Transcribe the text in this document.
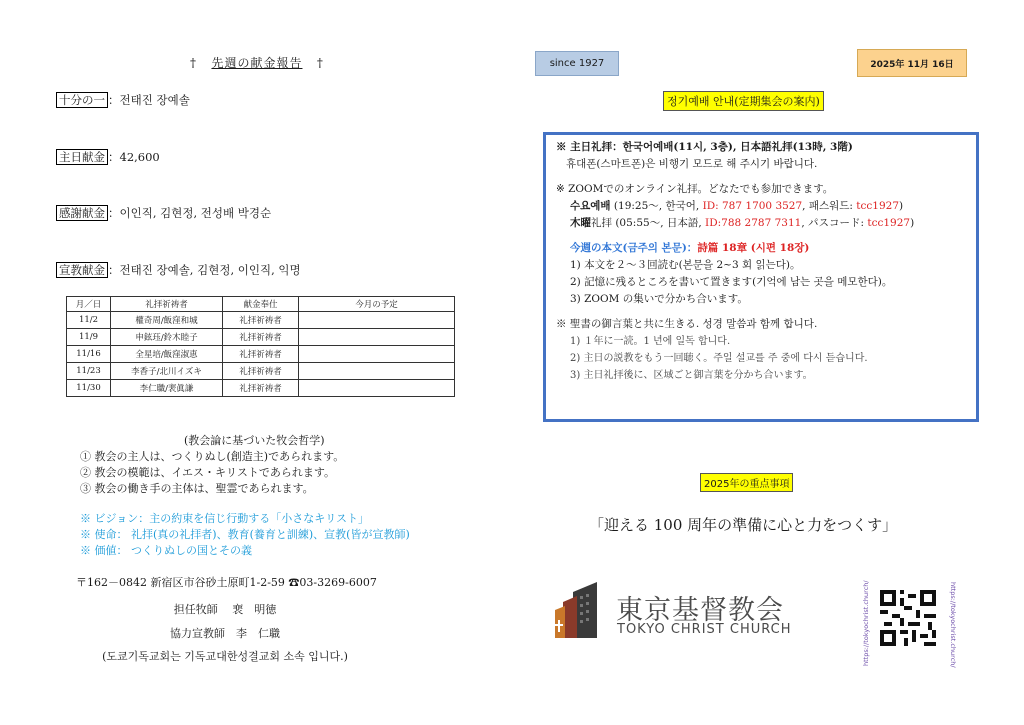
† 先週の献金報告 †
十分の一 ：전태진 장예솔
主日献金 ：42,600
感謝献金 ：이인직, 김현정, 전성배 박경순
宣教献金 ：전태진 장예솔, 김현정, 이인직, 익명
月／日	礼拝祈祷者	献金奉仕	今月の予定
11/2	權奇周/飯窪和城	礼拝祈祷者	
11/9	申鉉珏/鈴木睦子	礼拝祈祷者	
11/16	全星培/飯窪淑恵	礼拝祈祷者	
11/23	李香子/北川イズキ	礼拝祈祷者	
11/30	李仁職/裵眞謙	礼拝祈祷者	
(教会論に基づいた牧会哲学)
① 教会の主人は、つくりぬし(創造主)であられます。
② 教会の模範は、イエス・キリストであられます。
③ 教会の働き手の主体は、聖霊であられます。
※ ビジョン：主の約束を信じ行動する「小さなキリスト」
※ 使命： 礼拝(真の礼拝者)、教育(養育と訓練)、宣教(皆が宣教師)
※ 価値： つくりぬしの国とその義
〒162－0842 新宿区市谷砂土原町1-2-59 ☎03-3269-6007
担任牧師　 裵　明徳
協力宣教師　李　仁職
(도쿄기독교회는 기독교대한성결교회 소속 입니다.)
since 1927	2025年 11月 16日
정기예배 안내(定期集会の案内)
※ 主日礼拝：한국어예배(11시, 3층), 日本語礼拝(13時, 3階)
휴대폰(스마트폰)은 비행기 모드로 해 주시기 바랍니다.
※ ZOOMでのオンライン礼拝。どなたでも参加できます。
수요예배 (19:25～, 한국어, ID: 787 1700 3527, 패스워드: tcc1927)
木曜礼拝 (05:55～, 日本語, ID:788 2787 7311, パスコード: tcc1927)
今週の本文(금주의 본문)：詩篇 18章 (시편 18장)
1) 本文を２～３回読む(본문을 2~3 회 읽는다)。
2) 記憶に残るところを書いて置きます(기억에 남는 곳을 메모한다)。
3) ZOOM の集いで分かち合います。
※ 聖書の御言葉と共に生きる. 성경 말씀과 함께 합니다.
1) １年に一読。1 년에 일독 합니다.
2) 主日の説教をもう一回聴く。주일 설교를 주 중에 다시 듣습니다.
3) 主日礼拝後に、区域ごと御言葉を分かち合います。
2025年の重点事項
「迎える 100 周年の準備に心と力をつくす」
東京基督教会
TOKYO CHRIST CHURCH	https://tokyochrist.church/	https://tokyochrist.church/
